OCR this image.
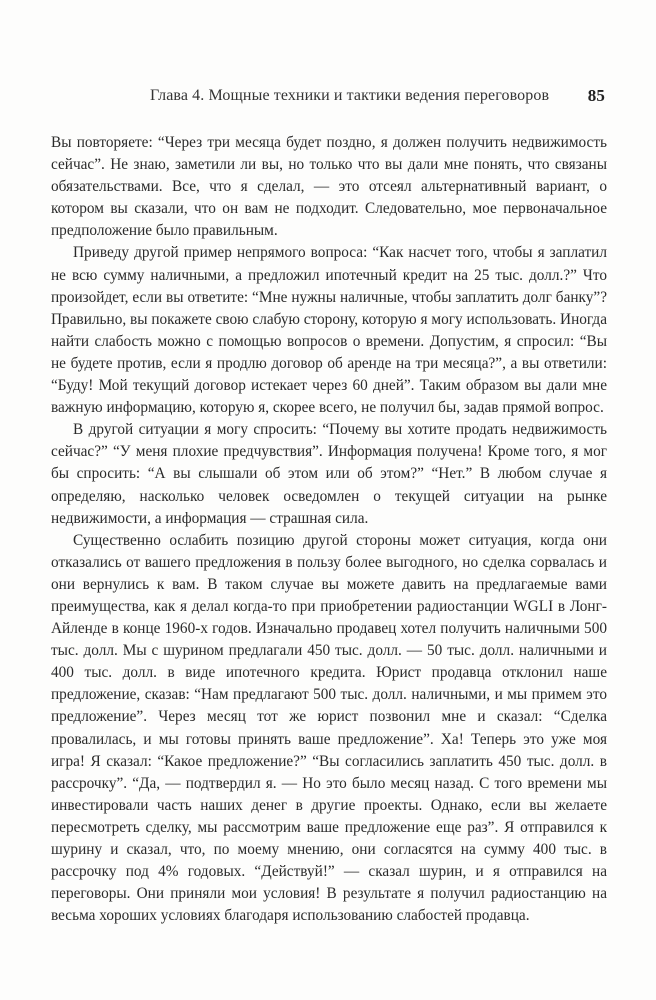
Глава 4. Мощные техники и тактики ведения переговоров 85

Вы повторяете: “Через три месяца будет поздно, я должен получить недвижимость сейчас”. Не знаю, заметили ли вы, но только что вы дали мне понять, что связаны обязательствами. Все, что я сделал, — это отсеял альтернативный вариант, о котором вы сказали, что он вам не подходит. Следовательно, мое первоначальное предположение было правильным.

Приведу другой пример непрямого вопроса: “Как насчет того, чтобы я заплатил не всю сумму наличными, а предложил ипотечный кредит на 25 тыс. долл.?” Что произойдет, если вы ответите: “Мне нужны наличные, чтобы заплатить долг банку”? Правильно, вы покажете свою слабую сторону, которую я могу использовать. Иногда найти слабость можно с помощью вопросов о времени. Допустим, я спросил: “Вы не будете против, если я продлю договор об аренде на три месяца?”, а вы ответили: “Буду! Мой текущий договор истекает через 60 дней”. Таким образом вы дали мне важную информацию, которую я, скорее всего, не получил бы, задав прямой вопрос.

В другой ситуации я могу спросить: “Почему вы хотите продать недвижимость сейчас?” “У меня плохие предчувствия”. Информация получена! Кроме того, я мог бы спросить: “А вы слышали об этом или об этом?” “Нет.” В любом случае я определяю, насколько человек осведомлен о текущей ситуации на рынке недвижимости, а информация — страшная сила.

Существенно ослабить позицию другой стороны может ситуация, когда они отказались от вашего предложения в пользу более выгодного, но сделка сорвалась и они вернулись к вам. В таком случае вы можете давить на предлагаемые вами преимущества, как я делал когда-то при приобретении радиостанции WGLI в Лонг-Айленде в конце 1960-х годов. Изначально продавец хотел получить наличными 500 тыс. долл. Мы с шурином предлагали 450 тыс. долл. — 50 тыс. долл. наличными и 400 тыс. долл. в виде ипотечного кредита. Юрист продавца отклонил наше предложение, сказав: “Нам предлагают 500 тыс. долл. наличными, и мы примем это предложение”. Через месяц тот же юрист позвонил мне и сказал: “Сделка провалилась, и мы готовы принять ваше предложение”. Ха! Теперь это уже моя игра! Я сказал: “Какое предложение?” “Вы согласились заплатить 450 тыс. долл. в рассрочку”. “Да, — подтвердил я. — Но это было месяц назад. С того времени мы инвестировали часть наших денег в другие проекты. Однако, если вы желаете пересмотреть сделку, мы рассмотрим ваше предложение еще раз”. Я отправился к шурину и сказал, что, по моему мнению, они согласятся на сумму 400 тыс. в рассрочку под 4% годовых. “Действуй!” — сказал шурин, и я отправился на переговоры. Они приняли мои условия! В результате я получил радиостанцию на весьма хороших условиях благодаря использованию слабостей продавца.
